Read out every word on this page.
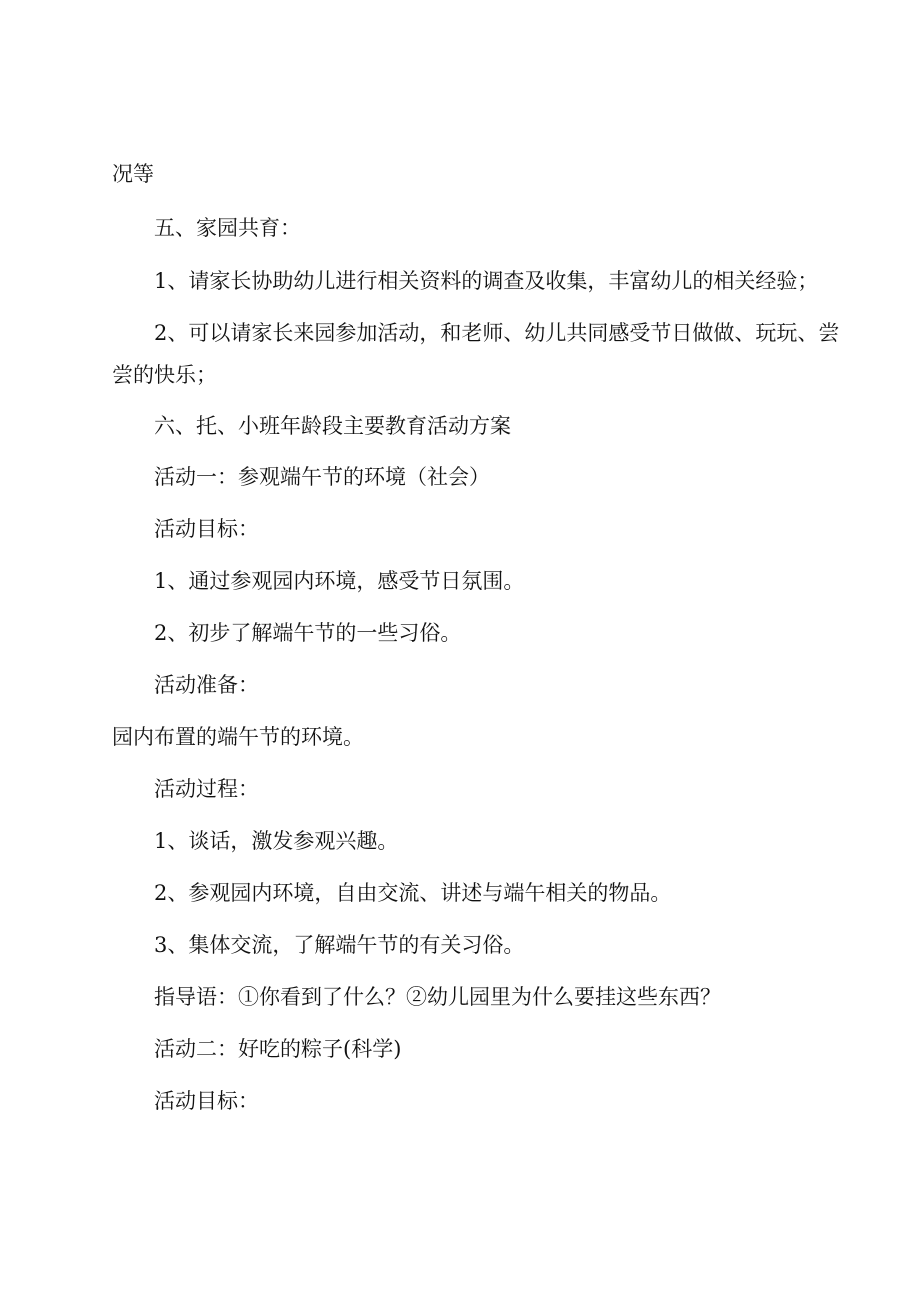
况等
五、家园共育：
1、请家长协助幼儿进行相关资料的调查及收集，丰富幼儿的相关经验；
2、可以请家长来园参加活动，和老师、幼儿共同感受节日做做、玩玩、尝
尝的快乐；
六、托、小班年龄段主要教育活动方案
活动一：参观端午节的环境（社会）
活动目标：
1、通过参观园内环境，感受节日氛围。
2、初步了解端午节的一些习俗。
活动准备：
园内布置的端午节的环境。
活动过程：
1、谈话，激发参观兴趣。
2、参观园内环境，自由交流、讲述与端午相关的物品。
3、集体交流，了解端午节的有关习俗。
指导语：①你看到了什么？②幼儿园里为什么要挂这些东西？
活动二：好吃的粽子(科学)
活动目标：
